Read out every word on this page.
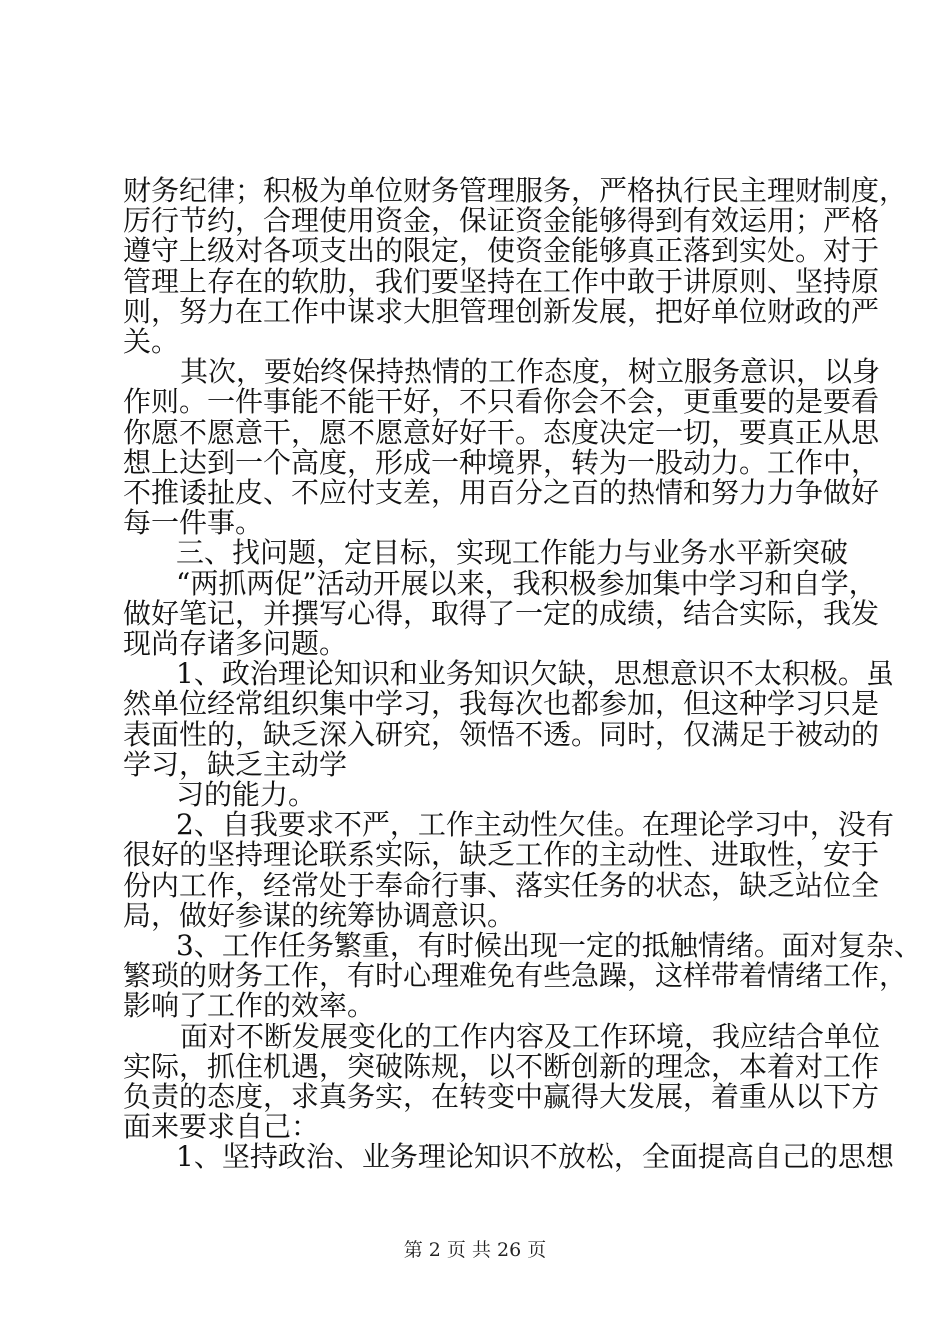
财务纪律；积极为单位财务管理服务，严格执行民主理财制度，
厉行节约，合理使用资金，保证资金能够得到有效运用；严格
遵守上级对各项支出的限定，使资金能够真正落到实处。对于
管理上存在的软肋，我们要坚持在工作中敢于讲原则、坚持原
则，努力在工作中谋求大胆管理创新发展，把好单位财政的严
关。
其次，要始终保持热情的工作态度，树立服务意识，以身
作则。一件事能不能干好，不只看你会不会，更重要的是要看
你愿不愿意干，愿不愿意好好干。态度决定一切，要真正从思
想上达到一个高度，形成一种境界，转为一股动力。工作中，
不推诿扯皮、不应付支差，用百分之百的热情和努力力争做好
每一件事。
三、找问题，定目标，实现工作能力与业务水平新突破
“两抓两促”活动开展以来，我积极参加集中学习和自学，
做好笔记，并撰写心得，取得了一定的成绩，结合实际，我发
现尚存诸多问题。
1、政治理论知识和业务知识欠缺，思想意识不太积极。虽
然单位经常组织集中学习，我每次也都参加，但这种学习只是
表面性的，缺乏深入研究，领悟不透。同时，仅满足于被动的
学习，缺乏主动学
习的能力。
2、自我要求不严，工作主动性欠佳。在理论学习中，没有
很好的坚持理论联系实际，缺乏工作的主动性、进取性，安于
份内工作，经常处于奉命行事、落实任务的状态，缺乏站位全
局，做好参谋的统筹协调意识。
3、工作任务繁重，有时候出现一定的抵触情绪。面对复杂、
繁琐的财务工作，有时心理难免有些急躁，这样带着情绪工作，
影响了工作的效率。
面对不断发展变化的工作内容及工作环境，我应结合单位
实际，抓住机遇，突破陈规，以不断创新的理念，本着对工作
负责的态度，求真务实，在转变中赢得大发展，着重从以下方
面来要求自己：
1、坚持政治、业务理论知识不放松，全面提高自己的思想
第 2 页 共 26 页
